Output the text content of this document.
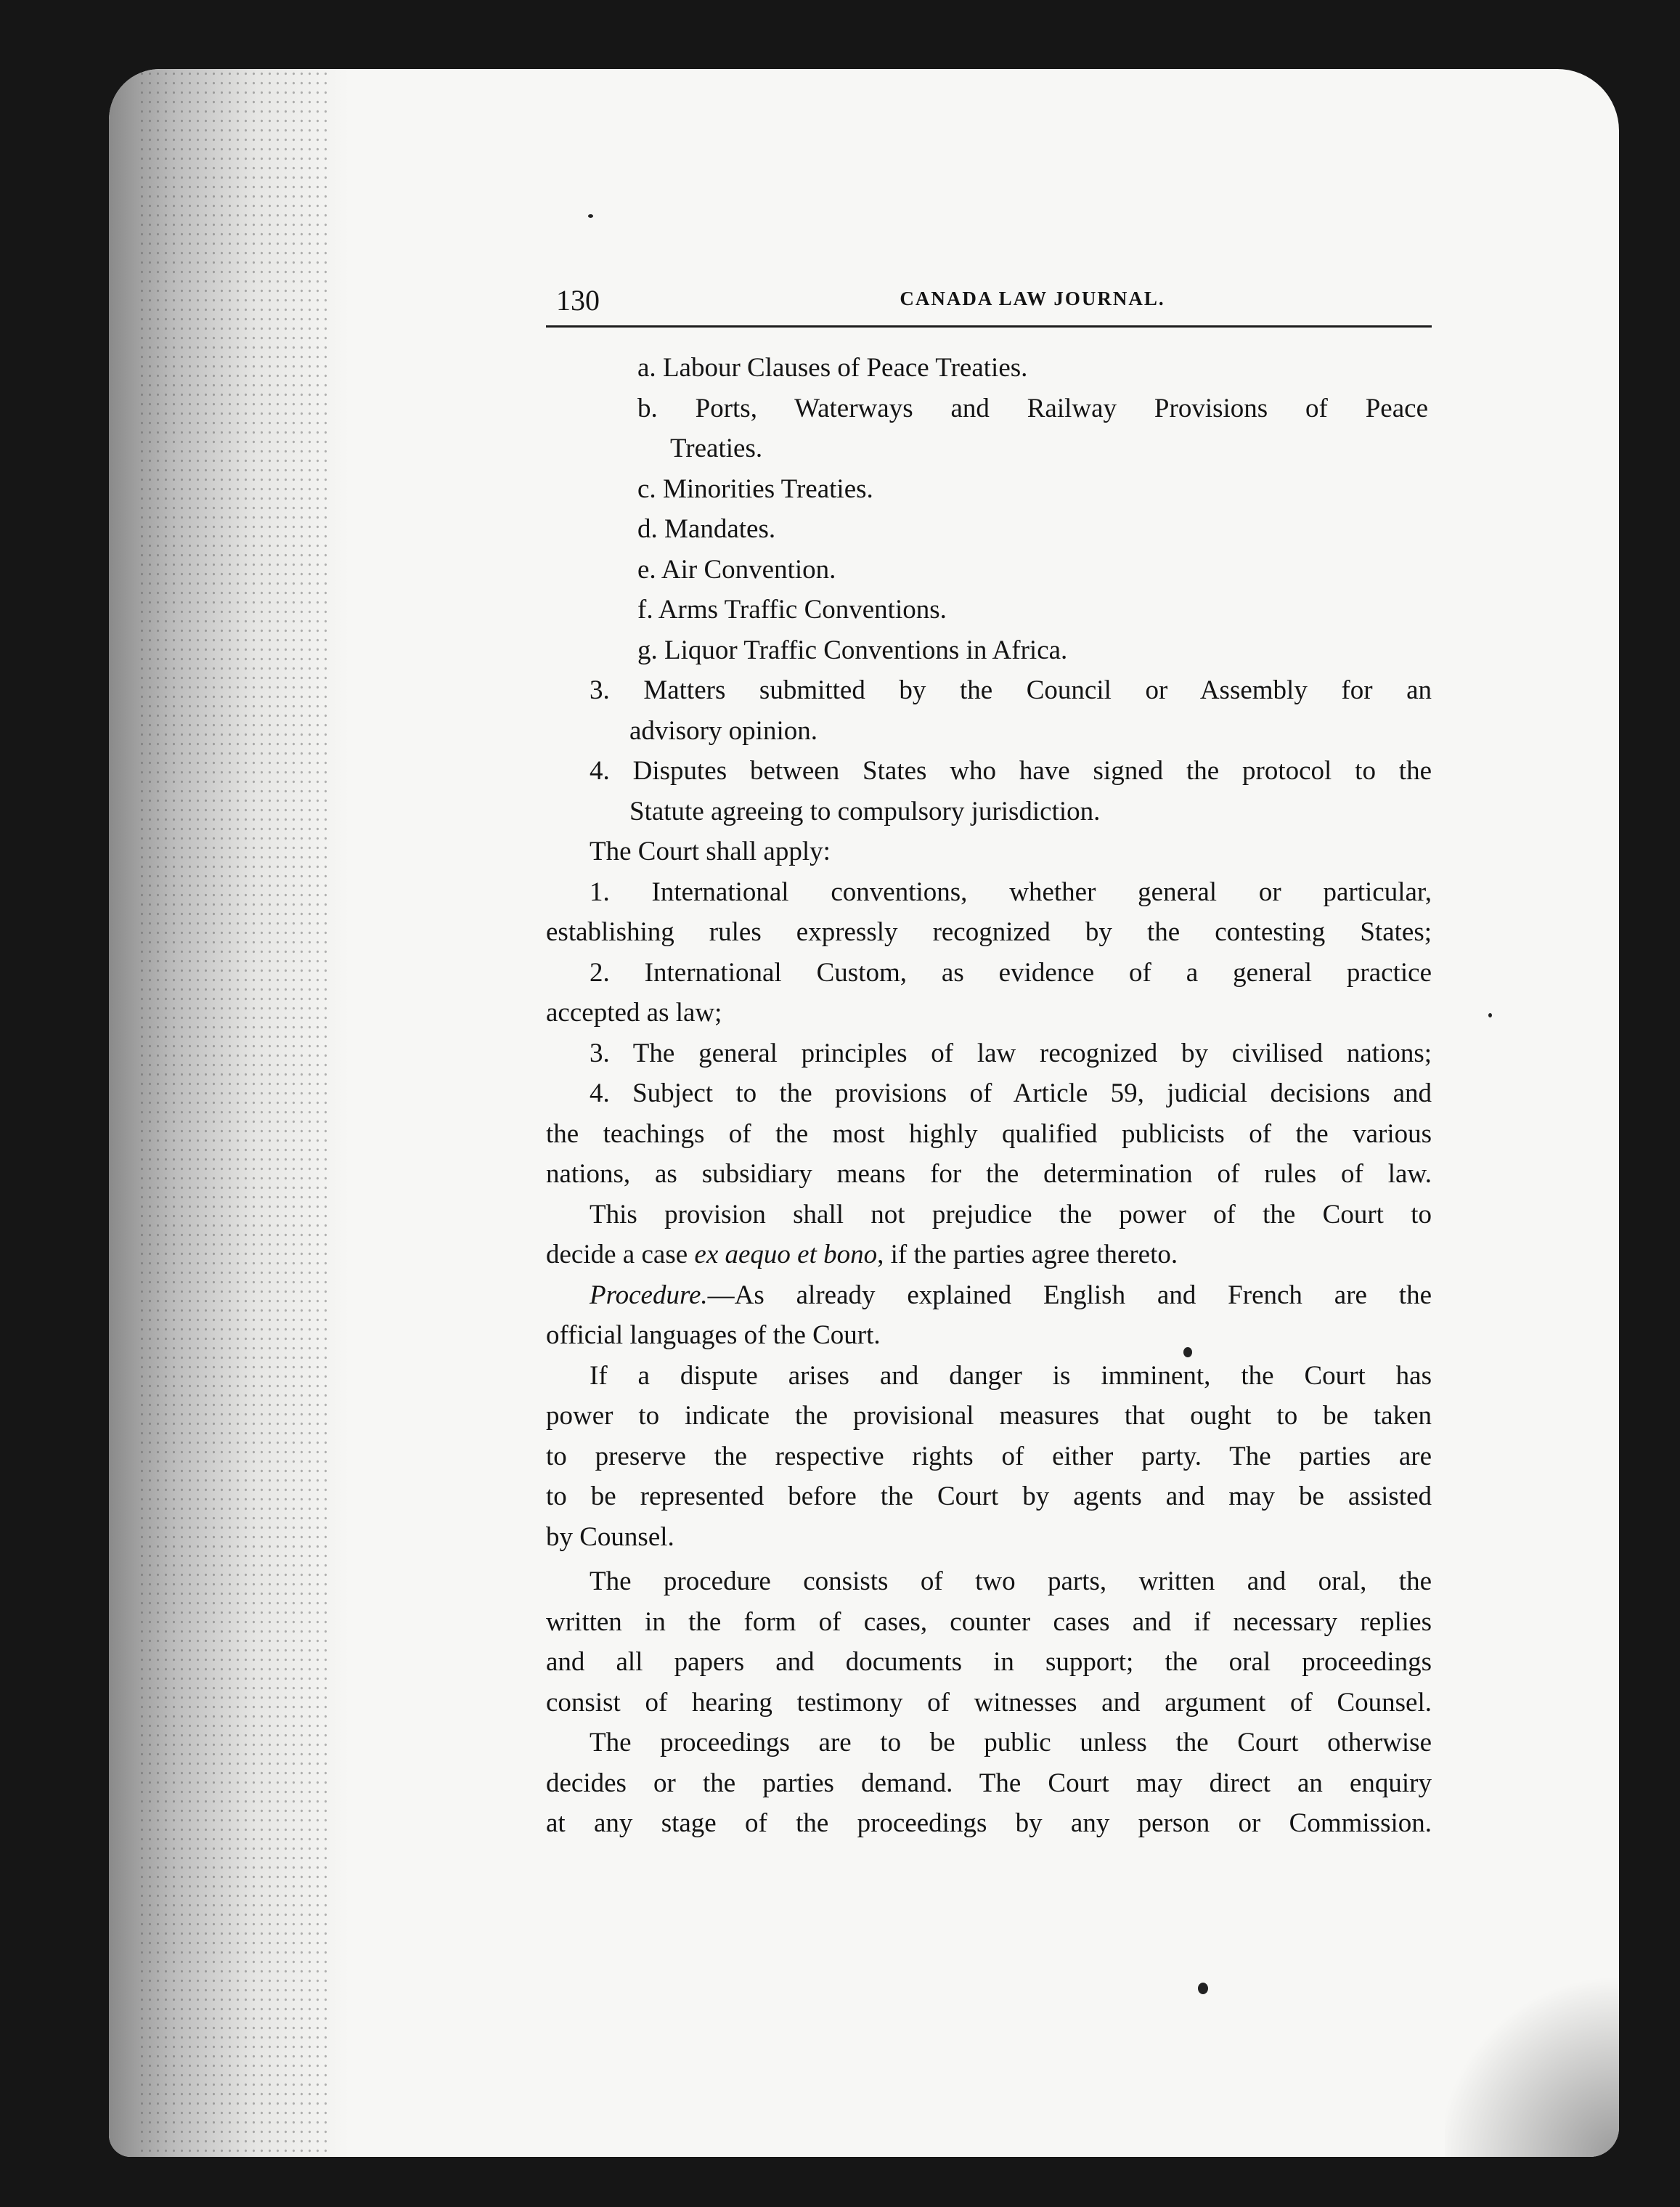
130	CANADA LAW JOURNAL.
a. Labour Clauses of Peace Treaties.
b. Ports, Waterways and Railway Provisions of Peace
Treaties.
c. Minorities Treaties.
d. Mandates.
e. Air Convention.
f. Arms Traffic Conventions.
g. Liquor Traffic Conventions in Africa.
3. Matters submitted by the Council or Assembly for an
advisory opinion.
4. Disputes between States who have signed the protocol to the
Statute agreeing to compulsory jurisdiction.
The Court shall apply:
1. International conventions, whether general or particular,
establishing rules expressly recognized by the contesting States;
2. International Custom, as evidence of a general practice
accepted as law;
3. The general principles of law recognized by civilised nations;
4. Subject to the provisions of Article 59, judicial decisions and
the teachings of the most highly qualified publicists of the various
nations, as subsidiary means for the determination of rules of law.
This provision shall not prejudice the power of the Court to
decide a case ex aequo et bono, if the parties agree thereto.
Procedure.—As already explained English and French are the
official languages of the Court.
If a dispute arises and danger is imminent, the Court has
power to indicate the provisional measures that ought to be taken
to preserve the respective rights of either party. The parties are
to be represented before the Court by agents and may be assisted
by Counsel.
The procedure consists of two parts, written and oral, the
written in the form of cases, counter cases and if necessary replies
and all papers and documents in support; the oral proceedings
consist of hearing testimony of witnesses and argument of Counsel.
The proceedings are to be public unless the Court otherwise
decides or the parties demand. The Court may direct an enquiry
at any stage of the proceedings by any person or Commission.
